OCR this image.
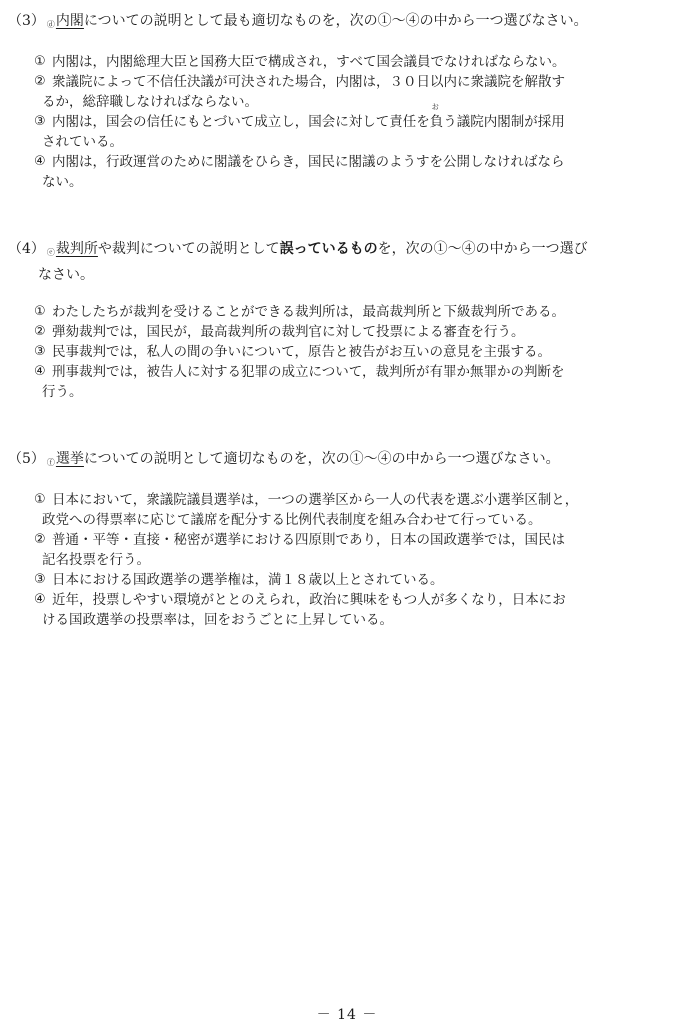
（3） ⓓ内閣についての説明として最も適切なものを，次の①～④の中から一つ選びなさい。

① 内閣は，内閣総理大臣と国務大臣で構成され，すべて国会議員でなければならない。
② 衆議院によって不信任決議が可決された場合，内閣は，３０日以内に衆議院を解散す
るか，総辞職しなければならない。
③ 内閣は，国会の信任にもとづいて成立し，国会に対して責任を
お
負う議院内閣制が採用
されている。
④ 内閣は，行政運営のために閣議をひらき，国民に閣議のようすを公開しなければなら
ない。

（4） ⓔ裁判所や裁判についての説明として誤っているものを，次の①～④の中から一つ選び
なさい。

① わたしたちが裁判を受けることができる裁判所は，最高裁判所と下級裁判所である。
② 弾劾裁判では，国民が，最高裁判所の裁判官に対して投票による審査を行う。
③ 民事裁判では，私人の間の争いについて，原告と被告がお互いの意見を主張する。
④ 刑事裁判では，被告人に対する犯罪の成立について，裁判所が有罪か無罪かの判断を
行う。

（5） ⓕ選挙についての説明として適切なものを，次の①～④の中から一つ選びなさい。

① 日本において，衆議院議員選挙は，一つの選挙区から一人の代表を選ぶ小選挙区制と，
政党への得票率に応じて議席を配分する比例代表制度を組み合わせて行っている。
② 普通・平等・直接・秘密が選挙における四原則であり，日本の国政選挙では，国民は
記名投票を行う。
③ 日本における国政選挙の選挙権は，満１８歳以上とされている。
④ 近年，投票しやすい環境がととのえられ，政治に興味をもつ人が多くなり，日本にお
ける国政選挙の投票率は，回をおうごとに上昇している。
－ 14 －
